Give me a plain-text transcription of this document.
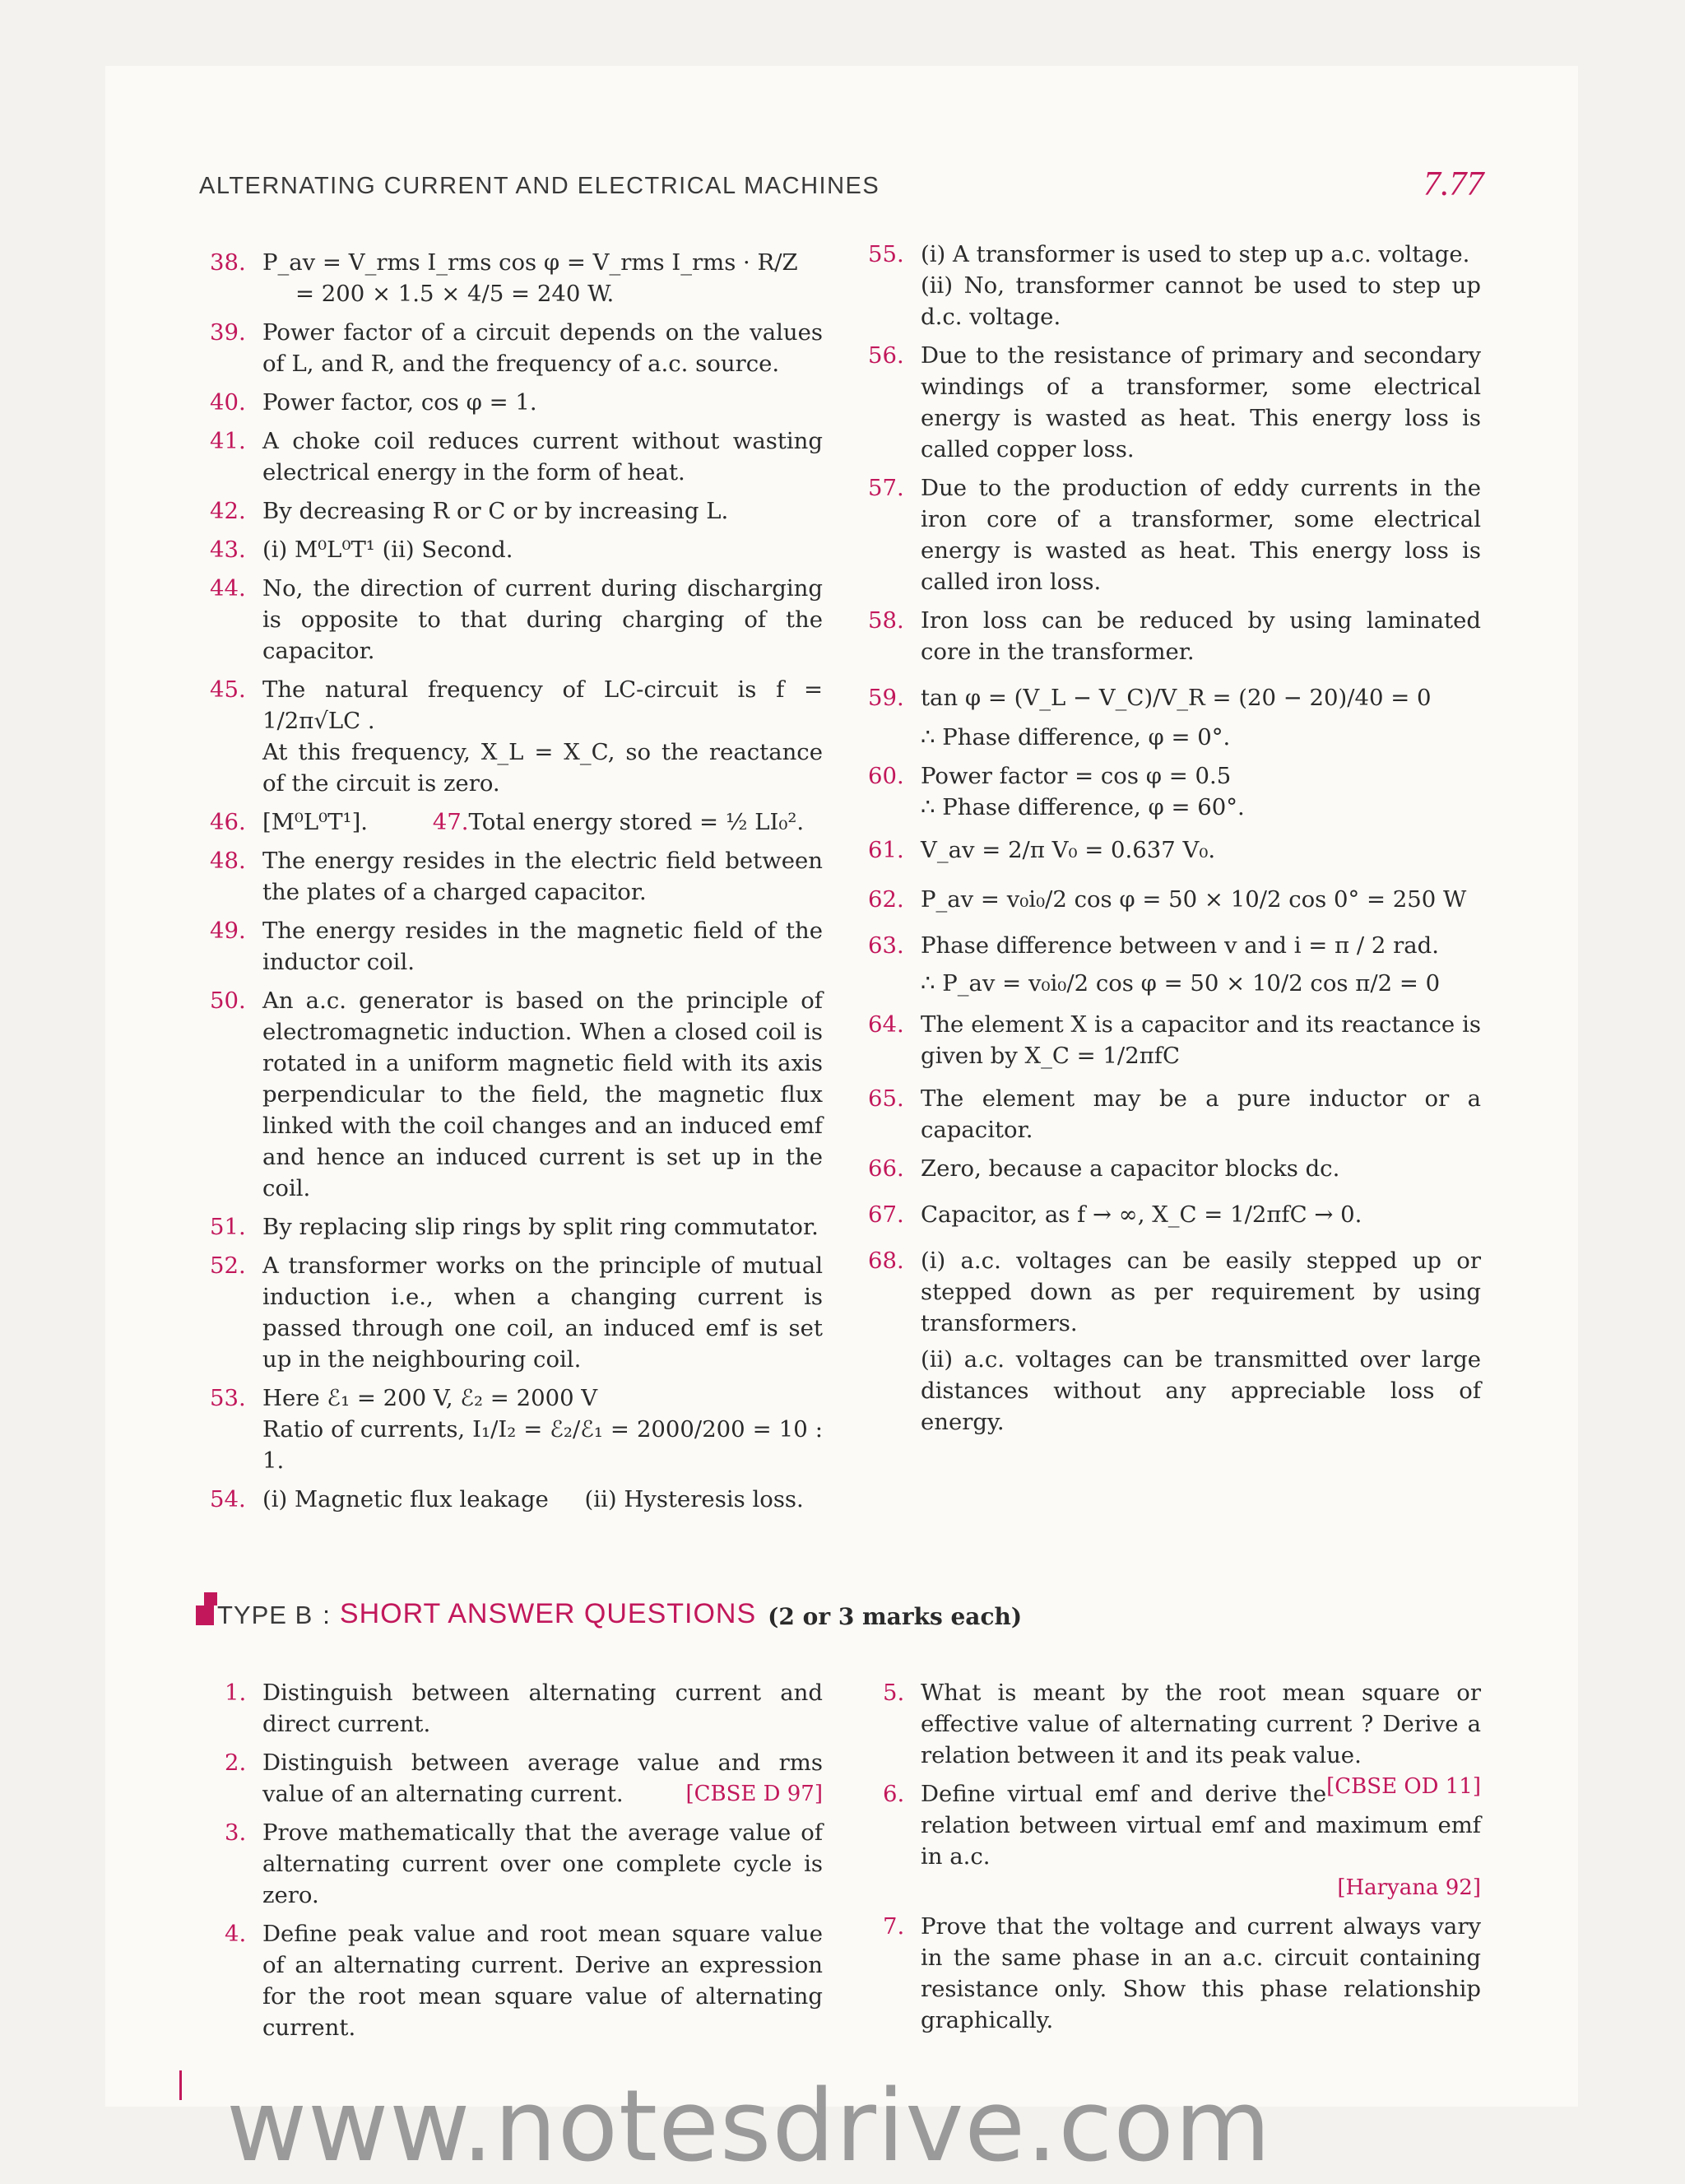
ALTERNATING CURRENT AND ELECTRICAL MACHINES	7.77
38. P_av = V_rms I_rms cos φ = V_rms I_rms · R/Z
= 200 × 1.5 × 4/5 = 240 W.
39. Power factor of a circuit depends on the values of L, and R, and the frequency of a.c. source.
40. Power factor, cos φ = 1.
41. A choke coil reduces current without wasting electrical energy in the form of heat.
42. By decreasing R or C or by increasing L.
43. (i) M⁰L⁰T¹ (ii) Second.
44. No, the direction of current during discharging is opposite to that during charging of the capacitor.
45. The natural frequency of LC-circuit is f = 1/2π√LC .
At this frequency, X_L = X_C, so the reactance of the circuit is zero.
46. [M⁰L⁰T¹].	47.Total energy stored = ½ LI₀².
48. The energy resides in the electric field between the plates of a charged capacitor.
49. The energy resides in the magnetic field of the inductor coil.
50. An a.c. generator is based on the principle of electromagnetic induction. When a closed coil is rotated in a uniform magnetic field with its axis perpendicular to the field, the magnetic flux linked with the coil changes and an induced emf and hence an induced current is set up in the coil.
51. By replacing slip rings by split ring commutator.
52. A transformer works on the principle of mutual induction i.e., when a changing current is passed through one coil, an induced emf is set up in the neighbouring coil.
53. Here ℰ₁ = 200 V, ℰ₂ = 2000 V
Ratio of currents, I₁/I₂ = ℰ₂/ℰ₁ = 2000/200 = 10 : 1.
54. (i) Magnetic flux leakage     (ii) Hysteresis loss.
55. (i) A transformer is used to step up a.c. voltage.
(ii) No, transformer cannot be used to step up d.c. voltage.
56. Due to the resistance of primary and secondary windings of a transformer, some electrical energy is wasted as heat. This energy loss is called copper loss.
57. Due to the production of eddy currents in the iron core of a transformer, some electrical energy is wasted as heat. This energy loss is called iron loss.
58. Iron loss can be reduced by using laminated core in the transformer.
59. tan φ = (V_L − V_C)/V_R = (20 − 20)/40 = 0
∴ Phase difference, φ = 0°.
60. Power factor = cos φ = 0.5
∴ Phase difference, φ = 60°.
61. V_av = 2/π V₀ = 0.637 V₀.
62. P_av = v₀i₀/2 cos φ = 50 × 10/2 cos 0° = 250 W
63. Phase difference between v and i = π / 2 rad.
∴ P_av = v₀i₀/2 cos φ = 50 × 10/2 cos π/2 = 0
64. The element X is a capacitor and its reactance is given by X_C = 1/2πfC
65. The element may be a pure inductor or a capacitor.
66. Zero, because a capacitor blocks dc.
67. Capacitor, as f → ∞, X_C = 1/2πfC → 0.
68. (i) a.c. voltages can be easily stepped up or stepped down as per requirement by using transformers.
(ii) a.c. voltages can be transmitted over large distances without any appreciable loss of energy.
TYPE B : SHORT ANSWER QUESTIONS (2 or 3 marks each)
1. Distinguish between alternating current and direct current.
2. Distinguish between average value and rms value of an alternating current.	[CBSE D 97]
3. Prove mathematically that the average value of alternating current over one complete cycle is zero.
4. Define peak value and root mean square value of an alternating current. Derive an expression for the root mean square value of alternating current.
5. What is meant by the root mean square or effective value of alternating current ? Derive a relation between it and its peak value.
[CBSE OD 11]
6. Define virtual emf and derive the relation between virtual emf and maximum emf in a.c.
[Haryana 92]
7. Prove that the voltage and current always vary in the same phase in an a.c. circuit containing resistance only. Show this phase relationship graphically.
www.notesdrive.com
